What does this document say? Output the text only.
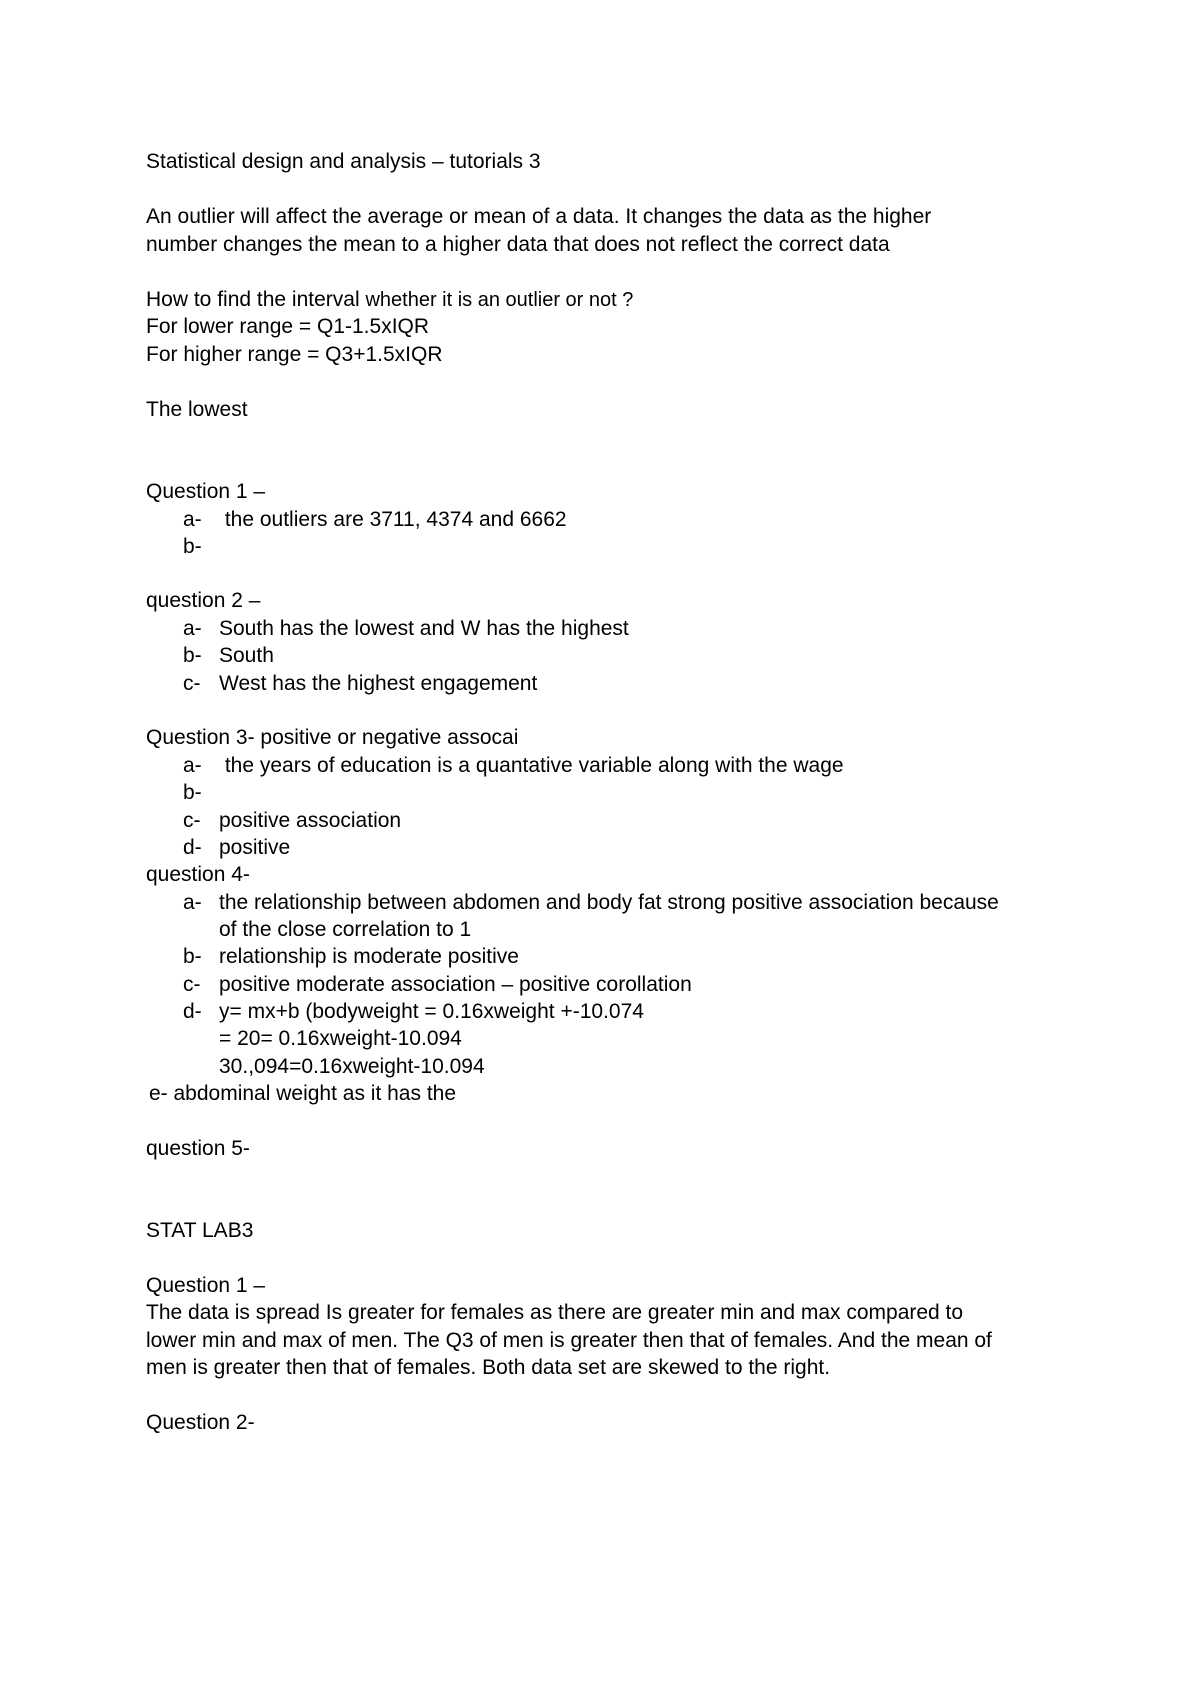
Statistical design and analysis – tutorials 3
An outlier will affect the average or mean of a data. It changes the data as the higher
number changes the mean to a higher data that does not reflect the correct data
How to find the interval whether it is an outlier or not ?
For lower range = Q1-1.5xIQR
For higher range = Q3+1.5xIQR
The lowest
Question 1 –
a- the outliers are 3711, 4374 and 6662
b-
question 2 –
a- South has the lowest and W has the highest
b- South
c- West has the highest engagement
Question 3- positive or negative assocai
a- the years of education is a quantative variable along with the wage
b-
c- positive association
d- positive
question 4-
a- the relationship between abdomen and body fat strong positive association because
of the close correlation to 1
b- relationship is moderate positive
c- positive moderate association – positive corollation
d- y= mx+b (bodyweight = 0.16xweight +-10.074
= 20= 0.16xweight-10.094
30.,094=0.16xweight-10.094
e- abdominal weight as it has the
question 5-
STAT LAB3
Question 1 –
The data is spread Is greater for females as there are greater min and max compared to
lower min and max of men. The Q3 of men is greater then that of females. And the mean of
men is greater then that of females. Both data set are skewed to the right.
Question 2-
